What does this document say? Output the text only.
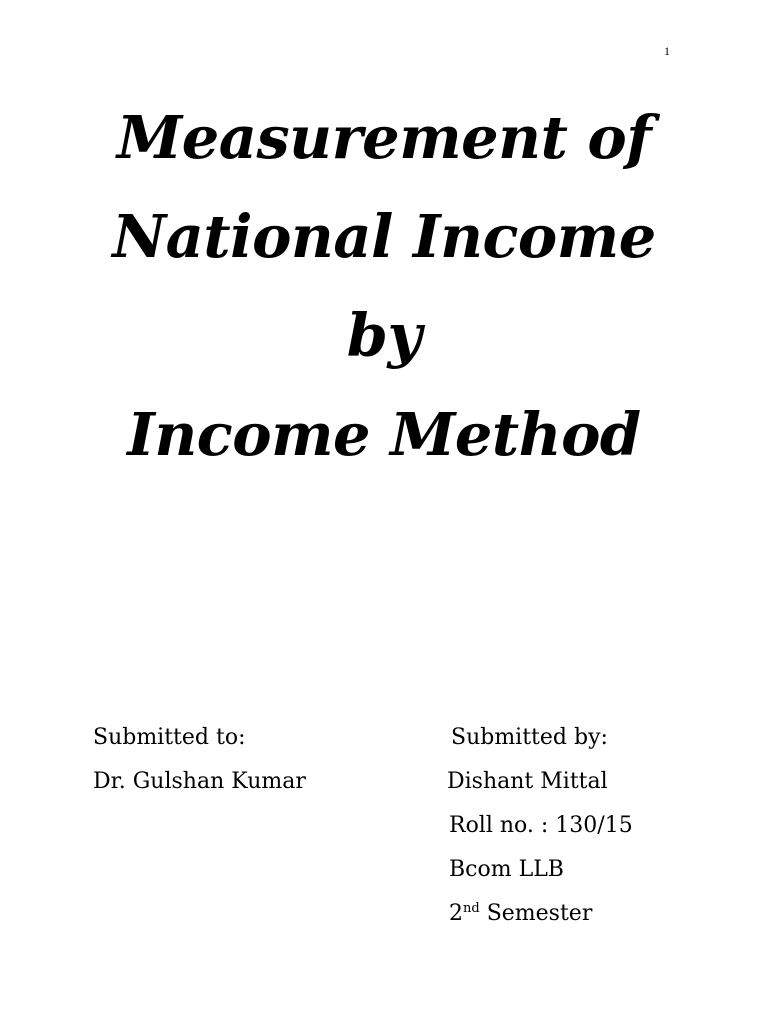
1
Measurement of
National Income
by
Income Method
Submitted to:
Dr. Gulshan Kumar
Submitted by:
Dishant Mittal
Roll no. : 130/15
Bcom LLB
2nd Semester
